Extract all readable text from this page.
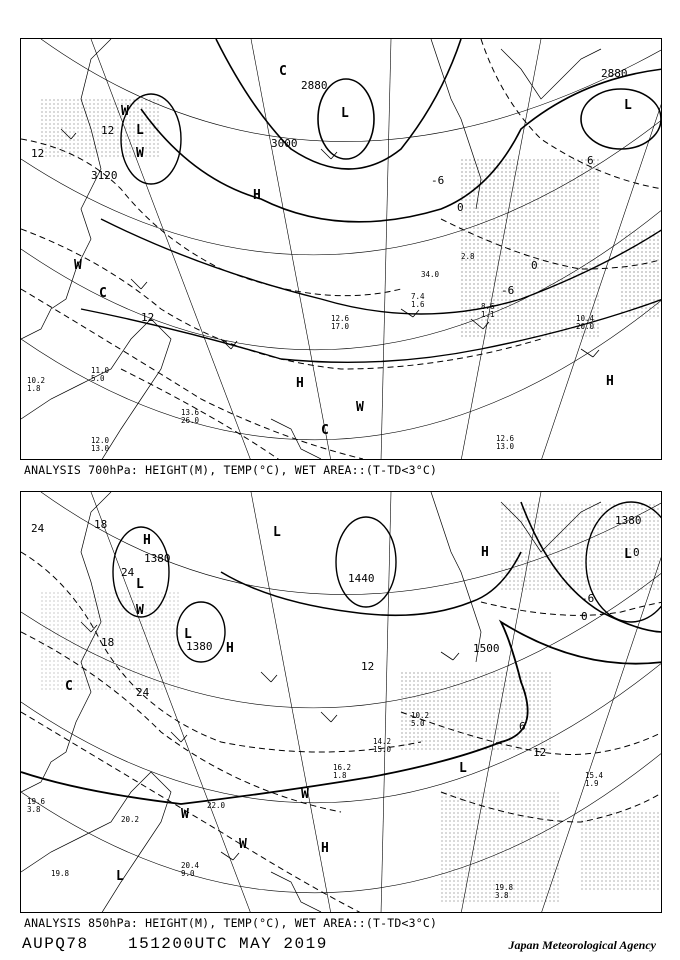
3120
3000
2880
2880
12
12
12
6
0
-6
0
-6
L
L
L
H
H	H
W
W
W
W
C
C
C
11.0
5.0
12.0
13.0
12.6
13.0
10.4
20.0
13.6
26.0
7.4
1.6
12.6
17.0
10.2
1.8
34.0
2.8
8.6
1.1
ANALYSIS 700hPa: HEIGHT(M), TEMP(°C), WET AREA::(T-TD<3°C)
1380
1380
1380
1500
1440
24
24
18
18
24
12
12
6
0
-6
0
H
H
H
H
L
L
L
L
L
L
W
W
W
W
C
22.0
20.4
9.0
19.8
3.8
19.6
3.8
16.2
1.8
14.2
15.0
15.4
1.9
20.2
19.8
10.2
5.0
ANALYSIS 850hPa: HEIGHT(M), TEMP(°C), WET AREA::(T-TD<3°C)
AUPQ78 151200UTC MAY 2019	Japan Meteorological Agency
